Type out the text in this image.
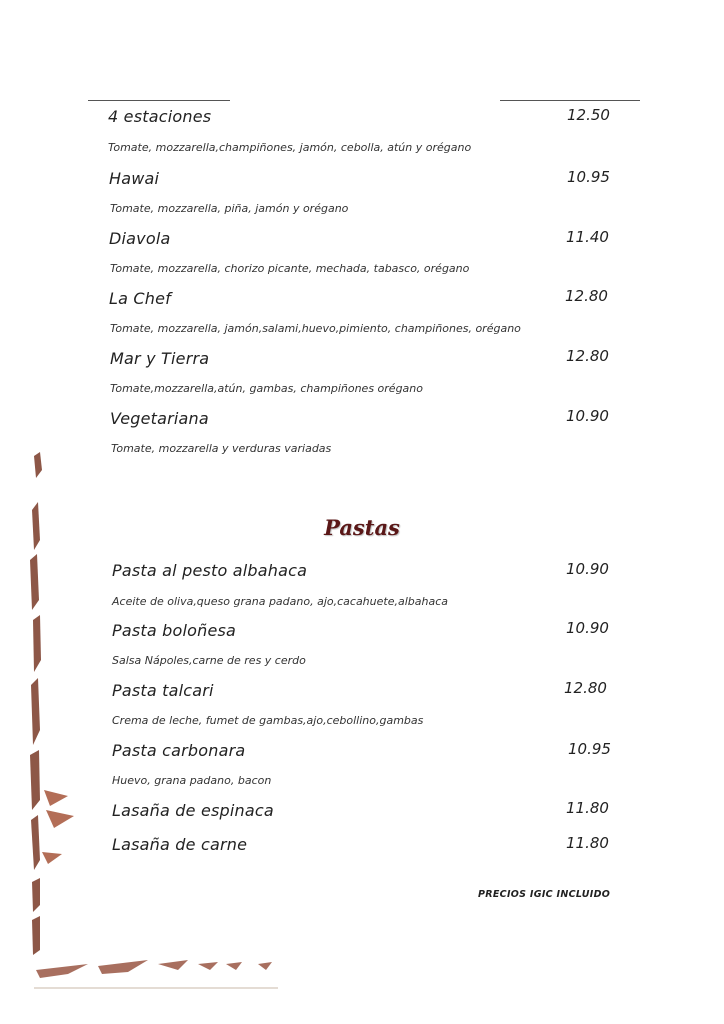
4 estaciones	12.50
Tomate, mozzarella,champiñones, jamón, cebolla, atún y orégano
Hawai	10.95
Tomate, mozzarella, piña, jamón y orégano
Diavola	11.40
Tomate, mozzarella, chorizo picante, mechada, tabasco, orégano
La Chef	12.80
Tomate, mozzarella, jamón,salami,huevo,pimiento, champiñones, orégano
Mar y Tierra	12.80
Tomate,mozzarella,atún, gambas, champiñones orégano
Vegetariana	10.90
Tomate, mozzarella y verduras variadas
Pastas
Pasta al pesto albahaca	10.90
Aceite de oliva,queso grana padano, ajo,cacahuete,albahaca
Pasta boloñesa	10.90
Salsa Nápoles,carne de res y cerdo
Pasta talcari	12.80
Crema de leche, fumet de gambas,ajo,cebollino,gambas
Pasta carbonara	10.95
Huevo, grana padano, bacon
Lasaña de espinaca	11.80
Lasaña de carne	11.80
PRECIOS IGIC INCLUIDO
